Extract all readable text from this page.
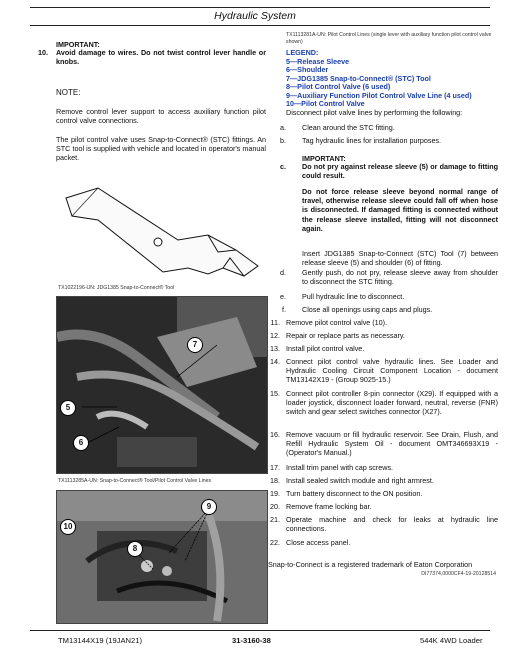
Hydraulic System
IMPORTANT:
10. Avoid damage to wires. Do not twist control lever handle or knobs.
NOTE:
Remove control lever support to access auxiliary function pilot control valve connections.
The pilot control valve uses Snap-to-Connect® (STC) fittings. An STC tool is supplied with vehicle and located in operator's manual packet.
TX1022196-UN: JDG1385 Snap-to-Connect® Tool
7
5
6
TX1113285A-UN: Snap-to-Connect® Tool/Pilot Control Valve Lines
9
10
8
TX1113281A-UN: Pilot Control Lines (single lever with auxiliary function pilot control valve shown)
LEGEND:
5—Release Sleeve
6—Shoulder
7—JDG1385 Snap-to-Connect® (STC) Tool
8—Pilot Control Valve (6 used)
9—Auxiliary Function Pilot Control Valve Line (4 used)
10—Pilot Control Valve
Disconnect pilot valve lines by performing the following:
a. Clean around the STC fitting.
b. Tag hydraulic lines for installation purposes.
IMPORTANT:
c. Do not pry against release sleeve (5) or damage to fitting could result.
Do not force release sleeve beyond normal range of travel, otherwise release sleeve could fall off when hose is disconnected. If damaged fitting is connected without the release sleeve installed, fitting will not disconnect again.
Insert JDG1385 Snap-to-Connect (STC) Tool (7) between release sleeve (5) and shoulder (6) of fitting.
d. Gently push, do not pry, release sleeve away from shoulder to disconnect the STC fitting.
e. Pull hydraulic line to disconnect.
f. Close all openings using caps and plugs.
11. Remove pilot control valve (10).
12. Repair or replace parts as necessary.
13. Install pilot control valve.
14. Connect pilot control valve hydraulic lines. See Loader and Hydraulic Cooling Circuit Component Location - document TM13142X19 - (Group 9025-15.)
15. Connect pilot controller 8-pin connector (X29). If equipped with a loader joystick, disconnect loader forward, neutral, reverse (FNR) switch and gear select switches connector (X27).
16. Remove vacuum or fill hydraulic reservoir. See Drain, Flush, and Refill Hydraulic System Oil - document OMT346693X19 - (Operator's Manual.)
17. Install trim panel with cap screws.
18. Install sealed switch module and right armrest.
19. Turn battery disconnect to the ON position.
20. Remove frame locking bar.
21. Operate machine and check for leaks at hydraulic line connections.
22. Close access panel.
Snap-to-Connect is a registered trademark of Eaton Corporation
DI77374,0000CF4-19-20128514
TM13144X19 (19JAN21)	31-3160-38	544K 4WD Loader
